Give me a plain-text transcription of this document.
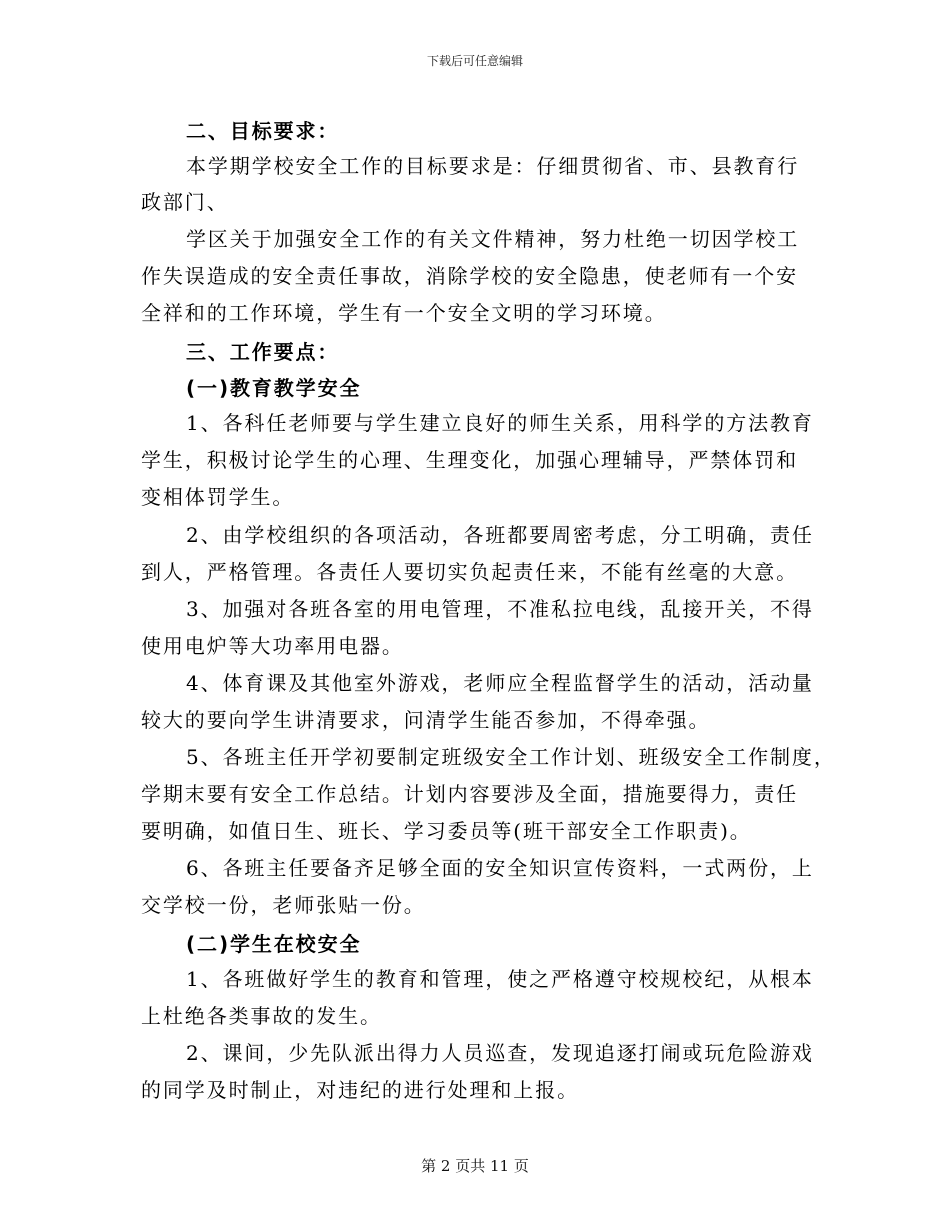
下载后可任意编辑
二、目标要求：
本学期学校安全工作的目标要求是：仔细贯彻省、市、县教育行
政部门、
学区关于加强安全工作的有关文件精神，努力杜绝一切因学校工
作失误造成的安全责任事故，消除学校的安全隐患，使老师有一个安
全祥和的工作环境，学生有一个安全文明的学习环境。
三、工作要点：
(一)教育教学安全
1、各科任老师要与学生建立良好的师生关系，用科学的方法教育
学生，积极讨论学生的心理、生理变化，加强心理辅导，严禁体罚和
变相体罚学生。
2、由学校组织的各项活动，各班都要周密考虑，分工明确，责任
到人，严格管理。各责任人要切实负起责任来，不能有丝毫的大意。
3、加强对各班各室的用电管理，不准私拉电线，乱接开关，不得
使用电炉等大功率用电器。
4、体育课及其他室外游戏，老师应全程监督学生的活动，活动量
较大的要向学生讲清要求，问清学生能否参加，不得牵强。
5、各班主任开学初要制定班级安全工作计划、班级安全工作制度，
学期末要有安全工作总结。计划内容要涉及全面，措施要得力，责任
要明确，如值日生、班长、学习委员等(班干部安全工作职责)。
6、各班主任要备齐足够全面的安全知识宣传资料，一式两份，上
交学校一份，老师张贴一份。
(二)学生在校安全
1、各班做好学生的教育和管理，使之严格遵守校规校纪，从根本
上杜绝各类事故的发生。
2、课间，少先队派出得力人员巡查，发现追逐打闹或玩危险游戏
的同学及时制止，对违纪的进行处理和上报。
第 2 页共 11 页
